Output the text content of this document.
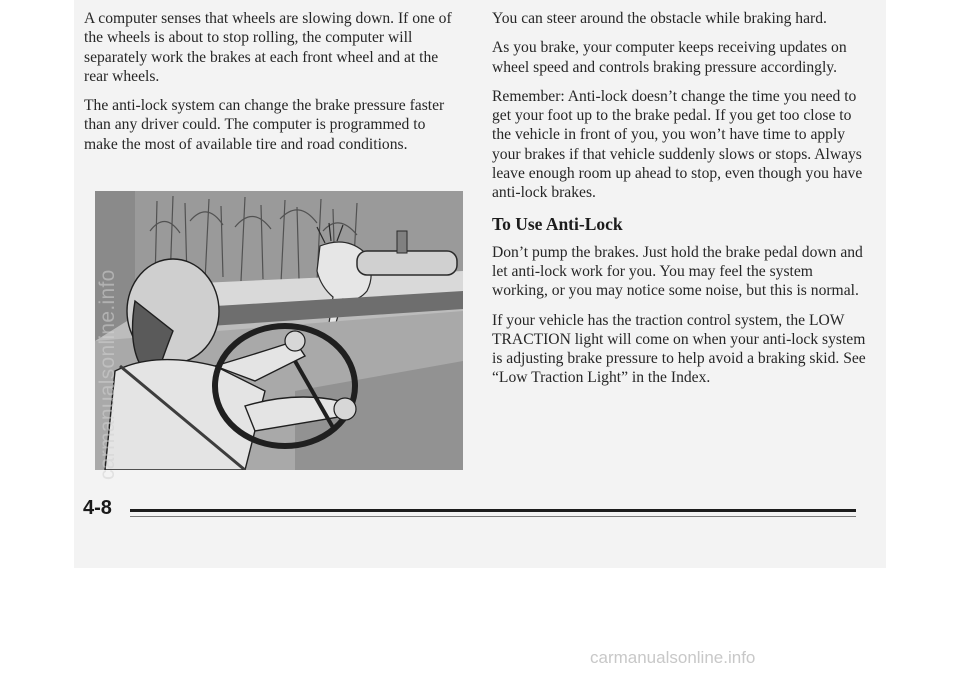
A computer senses that wheels are slowing down. If one of the wheels is about to stop rolling, the computer will separately work the brakes at each front wheel and at the rear wheels.

The anti-lock system can change the brake pressure faster than any driver could. The computer is programmed to make the most of available tire and road conditions.

carmanualsonline.info

You can steer around the obstacle while braking hard.

As you brake, your computer keeps receiving updates on wheel speed and controls braking pressure accordingly.

Remember: Anti-lock doesn’t change the time you need to get your foot up to the brake pedal. If you get too close to the vehicle in front of you, you won’t have time to apply your brakes if that vehicle suddenly slows or stops. Always leave enough room up ahead to stop, even though you have anti-lock brakes.

To Use Anti-Lock

Don’t pump the brakes. Just hold the brake pedal down and let anti-lock work for you. You may feel the system working, or you may notice some noise, but this is normal.

If your vehicle has the traction control system, the LOW TRACTION light will come on when your anti-lock system is adjusting brake pressure to help avoid a braking skid. See “Low Traction Light” in the Index.

4-8
carmanualsonline.info
